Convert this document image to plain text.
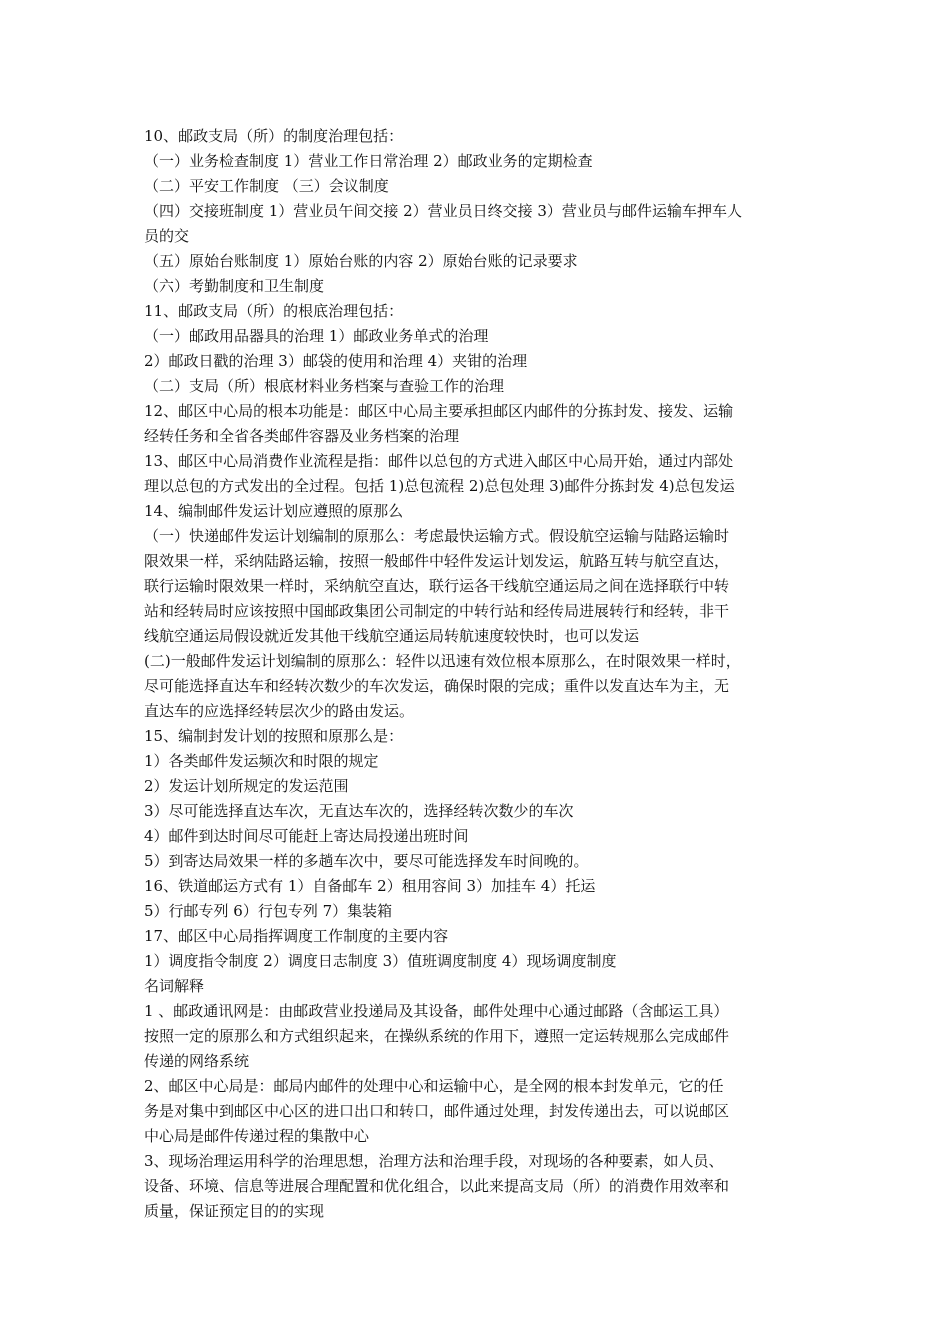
10、邮政支局（所）的制度治理包括：
（一）业务检查制度 1）营业工作日常治理 2）邮政业务的定期检查
（二）平安工作制度 （三）会议制度
（四）交接班制度 1）营业员午间交接 2）营业员日终交接 3）营业员与邮件运输车押车人
员的交
（五）原始台账制度 1）原始台账的内容 2）原始台账的记录要求
（六）考勤制度和卫生制度
11、邮政支局（所）的根底治理包括：
（一）邮政用品器具的治理 1）邮政业务单式的治理
2）邮政日戳的治理 3）邮袋的使用和治理 4）夹钳的治理
（二）支局（所）根底材料业务档案与查验工作的治理
12、邮区中心局的根本功能是：邮区中心局主要承担邮区内邮件的分拣封发、接发、运输
经转任务和全省各类邮件容器及业务档案的治理
13、邮区中心局消费作业流程是指：邮件以总包的方式进入邮区中心局开始，通过内部处
理以总包的方式发出的全过程。包括 1)总包流程 2)总包处理 3)邮件分拣封发 4)总包发运
14、编制邮件发运计划应遵照的原那么
（一）快递邮件发运计划编制的原那么：考虑最快运输方式。假设航空运输与陆路运输时
限效果一样，采纳陆路运输，按照一般邮件中轻件发运计划发运，航路互转与航空直达，
联行运输时限效果一样时，采纳航空直达，联行运各干线航空通运局之间在选择联行中转
站和经转局时应该按照中国邮政集团公司制定的中转行站和经传局进展转行和经转，非干
线航空通运局假设就近发其他干线航空通运局转航速度较快时，也可以发运
(二)一般邮件发运计划编制的原那么：轻件以迅速有效位根本原那么，在时限效果一样时，
尽可能选择直达车和经转次数少的车次发运，确保时限的完成；重件以发直达车为主，无
直达车的应选择经转层次少的路由发运。
15、编制封发计划的按照和原那么是：
1）各类邮件发运频次和时限的规定
2）发运计划所规定的发运范围
3）尽可能选择直达车次，无直达车次的，选择经转次数少的车次
4）邮件到达时间尽可能赶上寄达局投递出班时间
5）到寄达局效果一样的多趟车次中，要尽可能选择发车时间晚的。
16、铁道邮运方式有 1）自备邮车 2）租用容间 3）加挂车 4）托运
5）行邮专列 6）行包专列 7）集装箱
17、邮区中心局指挥调度工作制度的主要内容
1）调度指令制度 2）调度日志制度 3）值班调度制度 4）现场调度制度
名词解释
1 、邮政通讯网是：由邮政营业投递局及其设备，邮件处理中心通过邮路（含邮运工具）
按照一定的原那么和方式组织起来，在操纵系统的作用下，遵照一定运转规那么完成邮件
传递的网络系统
2、邮区中心局是：邮局内邮件的处理中心和运输中心，是全网的根本封发单元，它的任
务是对集中到邮区中心区的进口出口和转口，邮件通过处理，封发传递出去，可以说邮区
中心局是邮件传递过程的集散中心
3、现场治理运用科学的治理思想，治理方法和治理手段，对现场的各种要素，如人员、
设备、环境、信息等进展合理配置和优化组合，以此来提高支局（所）的消费作用效率和
质量，保证预定目的的实现
